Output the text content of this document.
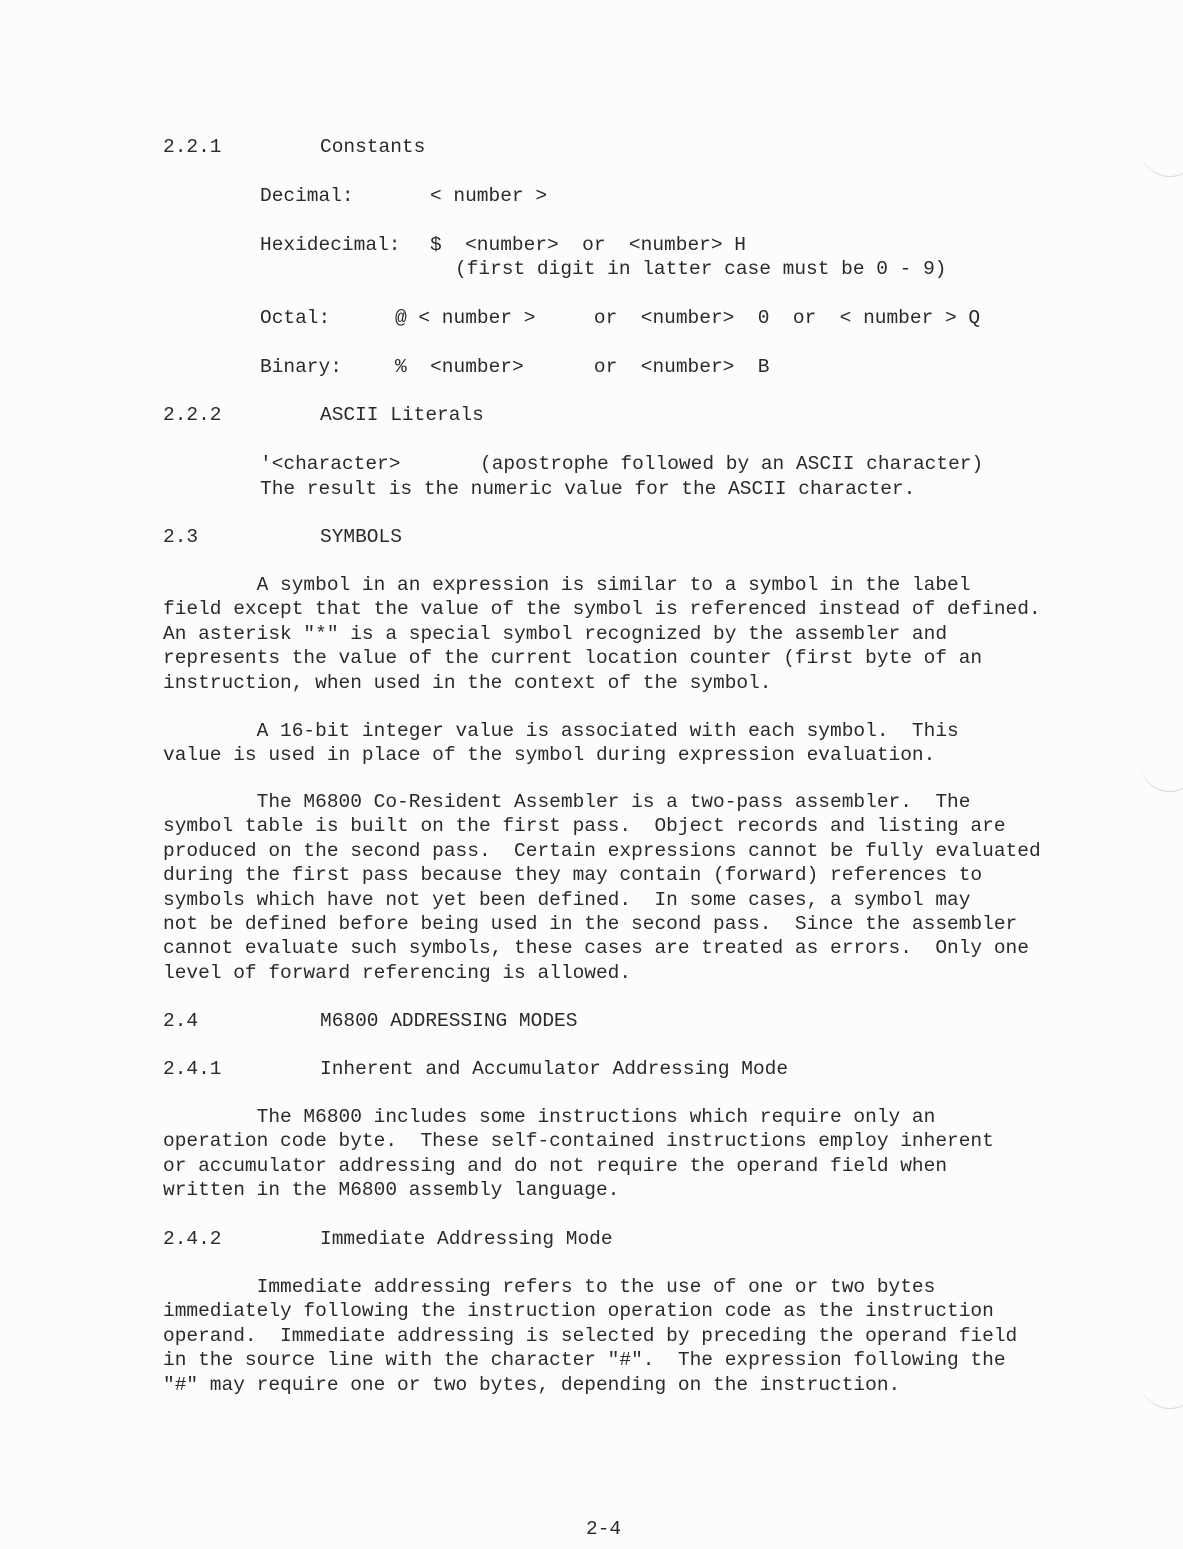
2.2.1	Constants
Decimal:	< number >
Hexidecimal: $  <number>  or  <number> H
(first digit in latter case must be 0 - 9)
Octal:	@ < number >     or  <number>  0  or  < number > Q
Binary:	%  <number>      or  <number>  B
2.2.2	ASCII Literals
'<character>	(apostrophe followed by an ASCII character)
The result is the numeric value for the ASCII character.
2.3	SYMBOLS
A symbol in an expression is similar to a symbol in the label
field except that the value of the symbol is referenced instead of defined.
An asterisk "*" is a special symbol recognized by the assembler and
represents the value of the current location counter (first byte of an
instruction, when used in the context of the symbol.
A 16-bit integer value is associated with each symbol.  This
value is used in place of the symbol during expression evaluation.
The M6800 Co-Resident Assembler is a two-pass assembler.  The
symbol table is built on the first pass.  Object records and listing are
produced on the second pass.  Certain expressions cannot be fully evaluated
during the first pass because they may contain (forward) references to
symbols which have not yet been defined.  In some cases, a symbol may
not be defined before being used in the second pass.  Since the assembler
cannot evaluate such symbols, these cases are treated as errors.  Only one
level of forward referencing is allowed.
2.4	M6800 ADDRESSING MODES
2.4.1	Inherent and Accumulator Addressing Mode
The M6800 includes some instructions which require only an
operation code byte.  These self-contained instructions employ inherent
or accumulator addressing and do not require the operand field when
written in the M6800 assembly language.
2.4.2	Immediate Addressing Mode
Immediate addressing refers to the use of one or two bytes
immediately following the instruction operation code as the instruction
operand.  Immediate addressing is selected by preceding the operand field
in the source line with the character "#".  The expression following the
"#" may require one or two bytes, depending on the instruction.
2-4
